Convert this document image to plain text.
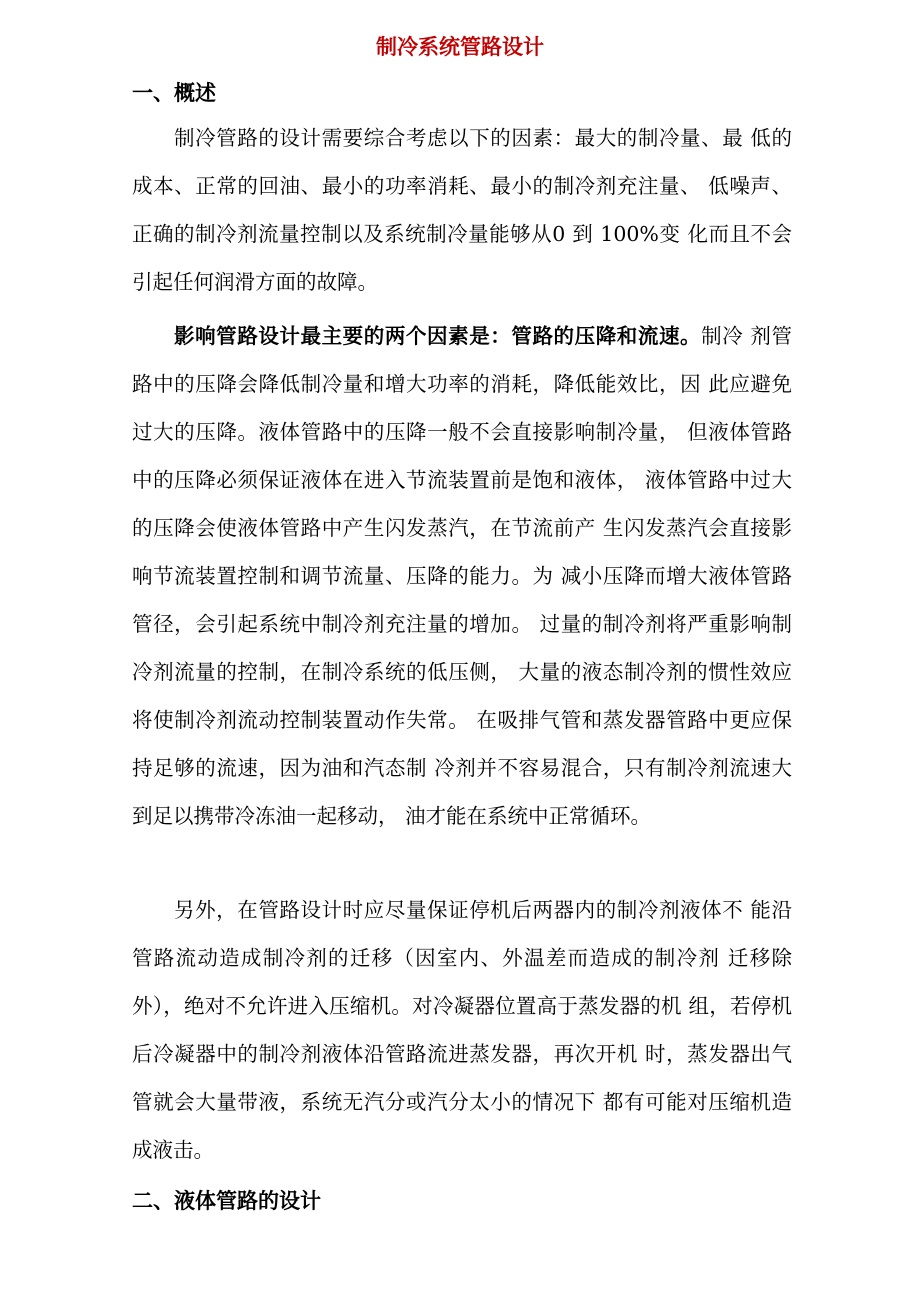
制冷系统管路设计
一、概述

制冷管路的设计需要综合考虑以下的因素：最大的制冷量、最 低的成本、正常的回油、最小的功率消耗、最小的制冷剂充注量、 低噪声、正确的制冷剂流量控制以及系统制冷量能够从0 到 100%变 化而且不会引起任何润滑方面的故障。

影响管路设计最主要的两个因素是：管路的压降和流速。制冷 剂管路中的压降会降低制冷量和增大功率的消耗，降低能效比，因 此应避免过大的压降。液体管路中的压降一般不会直接影响制冷量， 但液体管路中的压降必须保证液体在进入节流装置前是饱和液体， 液体管路中过大的压降会使液体管路中产生闪发蒸汽，在节流前产 生闪发蒸汽会直接影响节流装置控制和调节流量、压降的能力。为 减小压降而增大液体管路管径，会引起系统中制冷剂充注量的增加。 过量的制冷剂将严重影响制冷剂流量的控制，在制冷系统的低压侧， 大量的液态制冷剂的惯性效应将使制冷剂流动控制装置动作失常。 在吸排气管和蒸发器管路中更应保持足够的流速，因为油和汽态制 冷剂并不容易混合，只有制冷剂流速大到足以携带冷冻油一起移动， 油才能在系统中正常循环。

另外，在管路设计时应尽量保证停机后两器内的制冷剂液体不 能沿管路流动造成制冷剂的迁移（因室内、外温差而造成的制冷剂 迁移除外），绝对不允许进入压缩机。对冷凝器位置高于蒸发器的机 组，若停机后冷凝器中的制冷剂液体沿管路流进蒸发器，再次开机 时，蒸发器出气管就会大量带液，系统无汽分或汽分太小的情况下 都有可能对压缩机造成液击。

二、液体管路的设计
